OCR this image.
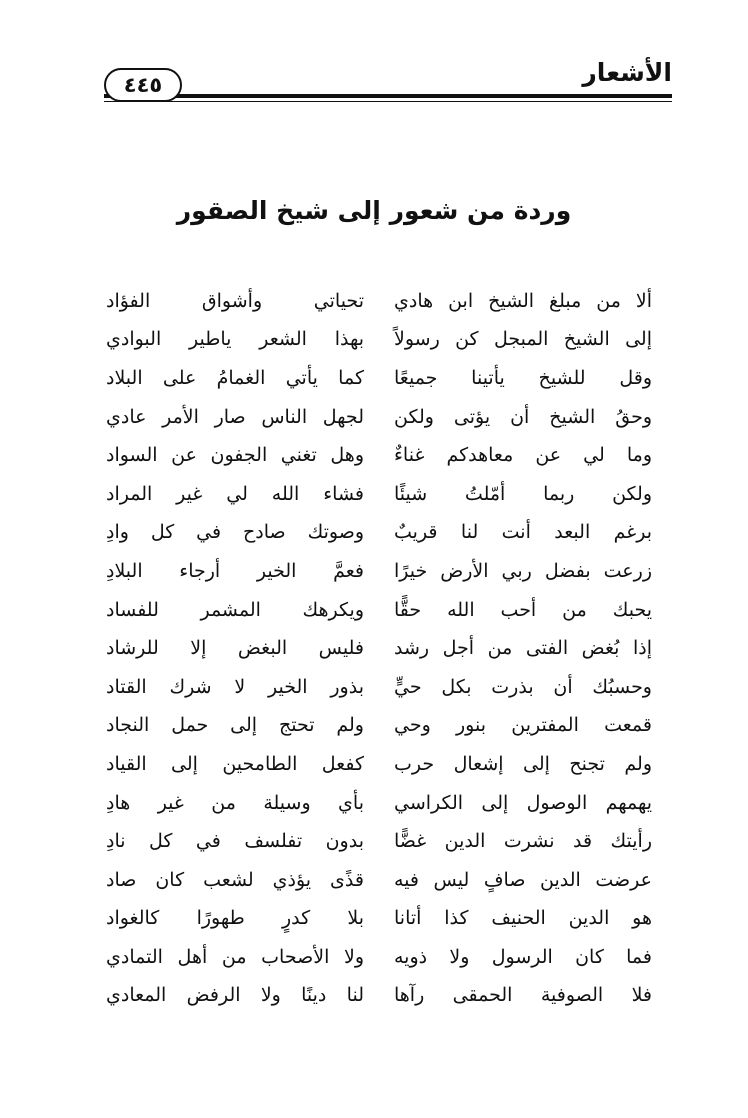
الأشعار
٤٤٥
وردة من شعور إلى شيخ الصقور
ألا من مبلغ الشيخ ابن هادي
تحياتي وأشواق الفؤاد
إلى الشيخ المبجل كن رسولاً
بهذا الشعر ياطير البوادي
وقل للشيخ يأتينا جميعًا
كما يأتي الغمامُ على البلاد
وحقُ الشيخ أن يؤتى ولكن
لجهل الناس صار الأمر عادي
وما لي عن معاهدكم غناءٌ
وهل تغني الجفون عن السواد
ولكن ربما أمّلتُ شيئًا
فشاء الله لي غير المراد
برغم البعد أنت لنا قريبٌ
وصوتك صادح في كل وادِ
زرعت بفضل ربي الأرض خيرًا
فعمَّ الخير أرجاء البلادِ
يحبك من أحب الله حقًّا
ويكرهك المشمر للفساد
إذا بُغض الفتى من أجل رشد
فليس البغض إلا للرشاد
وحسبُك أن بذرت بكل حيٍّ
بذور الخير لا شرك القتاد
قمعت المفترين بنور وحي
ولم تحتج إلى حمل النجاد
ولم تجنح إلى إشعال حرب
كفعل الطامحين إلى القياد
يهمهم الوصول إلى الكراسي
بأي وسيلة من غير هادِ
رأيتك قد نشرت الدين غضًّا
بدون تفلسف في كل نادِ
عرضت الدين صافٍ ليس فيه
قذًى يؤذي لشعب كان صاد
هو الدين الحنيف كذا أتانا
بلا كدرٍ طهورًا كالغواد
فما كان الرسول ولا ذويه
ولا الأصحاب من أهل التمادي
فلا الصوفية الحمقى رآها
لنا دينًا ولا الرفض المعادي
